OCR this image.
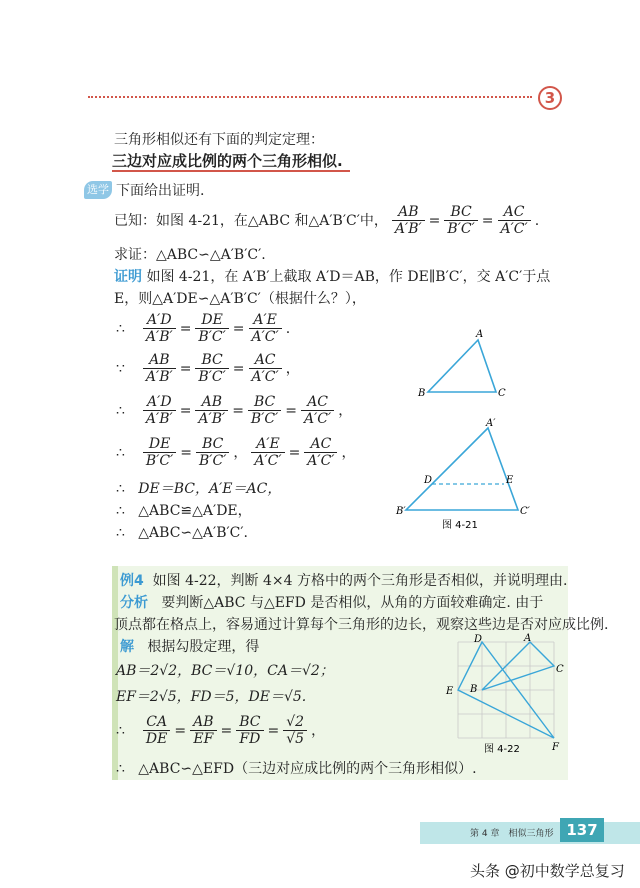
3
三角形相似还有下面的判定定理：
三边对应成比例的两个三角形相似.
选学 下面给出证明.
已知：如图 4-21，在△ABC 和△A′B′C′中， $\frac{AB}{A'B'} = \frac{BC}{B'C'} = \frac{AC}{A'C'}$ .
求证：△ABC∽△A′B′C′.
证明 如图 4-21，在 A′B′上截取 A′D＝AB，作 DE∥B′C′，交 A′C′于点
E，则△A′DE∽△A′B′C′（根据什么？），
∴ $\frac{A'D}{A'B'} = \frac{DE}{B'C'} = \frac{A'E}{A'C'}$ .
∵ $\frac{AB}{A'B'} = \frac{BC}{B'C'} = \frac{AC}{A'C'}$ ，
∴ $\frac{A'D}{A'B'} = \frac{AB}{A'B'} = \frac{BC}{B'C'} = \frac{AC}{A'C'}$ ，
∴ $\frac{DE}{B'C'} = \frac{BC}{B'C'}$ ， $\frac{A'E}{A'C'} = \frac{AC}{A'C'}$ ，
∴ DE＝BC，A′E＝AC，
∴ △ABC≌△A′DE，
∴ △ABC∽△A′B′C′.
A
B	C
A′
D	E
B′	C′
图 4-21
例4 如图 4-22，判断 4×4 方格中的两个三角形是否相似，并说明理由.
分析 要判断△ABC 与△EFD 是否相似，从角的方面较难确定. 由于
顶点都在格点上，容易通过计算每个三角形的边长，观察这些边是否对应成比例.
解 根据勾股定理，得
AB＝2√2，BC＝√10，CA＝√2；
EF＝2√5，FD＝5，DE＝√5.
∴ $\frac{CA}{DE} = \frac{AB}{EF} = \frac{BC}{FD} = \frac{√2}{√5}$ ，
∴ △ABC∽△EFD（三边对应成比例的两个三角形相似）.
D	A
C
E B
F
图 4-22
第 4 章　相似三角形 137
头条 @初中数学总复习
